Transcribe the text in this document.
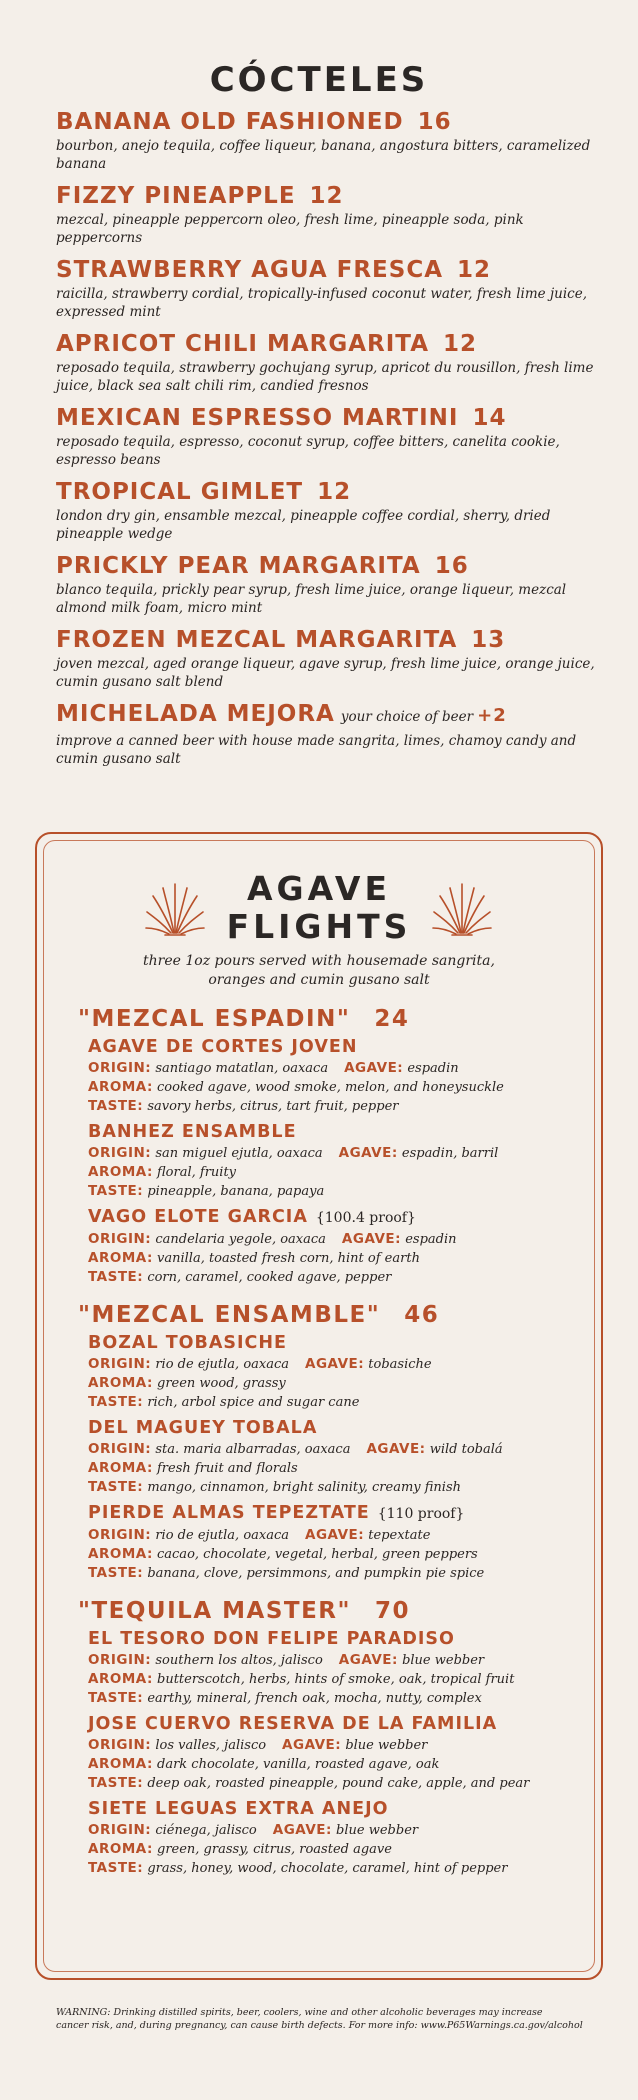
CÓCTELES
BANANA OLD FASHIONED 16
bourbon, anejo tequila, coffee liqueur, banana, angostura bitters, caramelized banana
FIZZY PINEAPPLE 12
mezcal, pineapple peppercorn oleo, fresh lime, pineapple soda, pink peppercorns
STRAWBERRY AGUA FRESCA 12
raicilla, strawberry cordial, tropically-infused coconut water, fresh lime juice, expressed mint
APRICOT CHILI MARGARITA 12
reposado tequila, strawberry gochujang syrup, apricot du rousillon, fresh lime juice, black sea salt chili rim, candied fresnos
MEXICAN ESPRESSO MARTINI 14
reposado tequila, espresso, coconut syrup, coffee bitters, canelita cookie, espresso beans
TROPICAL GIMLET 12
london dry gin, ensamble mezcal, pineapple coffee cordial, sherry, dried pineapple wedge
PRICKLY PEAR MARGARITA 16
blanco tequila, prickly pear syrup, fresh lime juice, orange liqueur, mezcal almond milk foam, micro mint
FROZEN MEZCAL MARGARITA 13
joven mezcal, aged orange liqueur, agave syrup, fresh lime juice, orange juice, cumin gusano salt blend
MICHELADA MEJORA your choice of beer +2
improve a canned beer with house made sangrita, limes, chamoy candy and cumin gusano salt
AGAVE
FLIGHTS
three 1oz pours served with housemade sangrita,
oranges and cumin gusano salt
"MEZCAL ESPADIN" 24
AGAVE DE CORTES JOVEN
ORIGIN: santiago matatlan, oaxaca AGAVE: espadin
AROMA: cooked agave, wood smoke, melon, and honeysuckle
TASTE: savory herbs, citrus, tart fruit, pepper
BANHEZ ENSAMBLE
ORIGIN: san miguel ejutla, oaxaca AGAVE: espadin, barril
AROMA: floral, fruity
TASTE: pineapple, banana, papaya
VAGO ELOTE GARCIA {100.4 proof}
ORIGIN: candelaria yegole, oaxaca AGAVE: espadin
AROMA: vanilla, toasted fresh corn, hint of earth
TASTE: corn, caramel, cooked agave, pepper
"MEZCAL ENSAMBLE" 46
BOZAL TOBASICHE
ORIGIN: rio de ejutla, oaxaca AGAVE: tobasiche
AROMA: green wood, grassy
TASTE: rich, arbol spice and sugar cane
DEL MAGUEY TOBALA
ORIGIN: sta. maria albarradas, oaxaca AGAVE: wild tobalá
AROMA: fresh fruit and florals
TASTE: mango, cinnamon, bright salinity, creamy finish
PIERDE ALMAS TEPEZTATE {110 proof}
ORIGIN: rio de ejutla, oaxaca AGAVE: tepextate
AROMA: cacao, chocolate, vegetal, herbal, green peppers
TASTE: banana, clove, persimmons, and pumpkin pie spice
"TEQUILA MASTER" 70
EL TESORO DON FELIPE PARADISO
ORIGIN: southern los altos, jalisco AGAVE: blue webber
AROMA: butterscotch, herbs, hints of smoke, oak, tropical fruit
TASTE: earthy, mineral, french oak, mocha, nutty, complex
JOSE CUERVO RESERVA DE LA FAMILIA
ORIGIN: los valles, jalisco AGAVE: blue webber
AROMA: dark chocolate, vanilla, roasted agave, oak
TASTE: deep oak, roasted pineapple, pound cake, apple, and pear
SIETE LEGUAS EXTRA ANEJO
ORIGIN: ciénega, jalisco AGAVE: blue webber
AROMA: green, grassy, citrus, roasted agave
TASTE: grass, honey, wood, chocolate, caramel, hint of pepper
WARNING: Drinking distilled spirits, beer, coolers, wine and other alcoholic beverages may increase
cancer risk, and, during pregnancy, can cause birth defects. For more info: www.P65Warnings.ca.gov/alcohol
